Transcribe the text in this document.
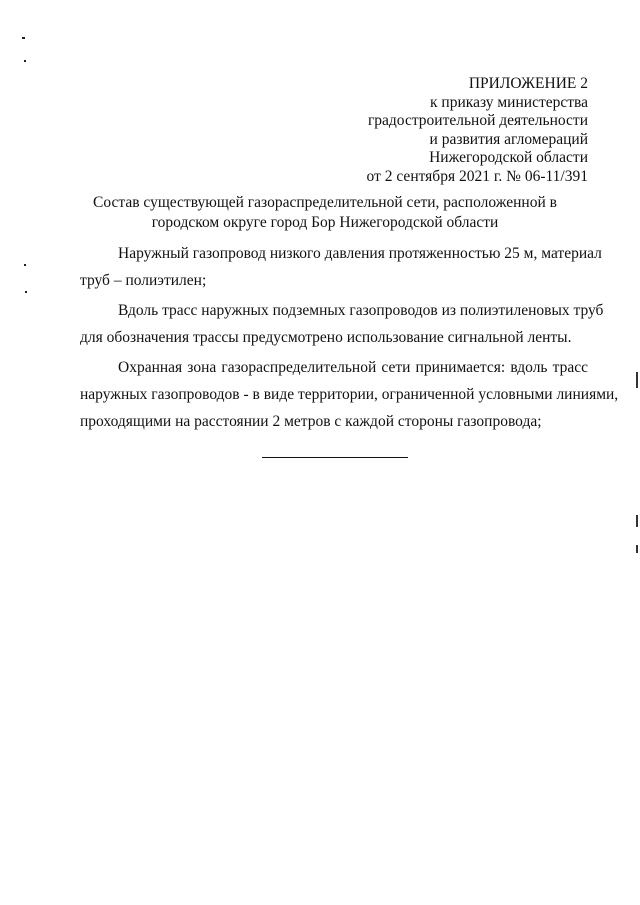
ПРИЛОЖЕНИЕ 2
к приказу министерства
градостроительной деятельности
и развития агломераций
Нижегородской области
от 2 сентября 2021 г. № 06-11/391
Состав существующей газораспределительной сети, расположенной в
городском округе город Бор Нижегородской области
Наружный газопровод низкого давления протяженностью 25 м, материал
труб – полиэтилен;
Вдоль трасс наружных подземных газопроводов из полиэтиленовых труб
для обозначения трассы предусмотрено использование сигнальной ленты.
Охранная зона газораспределительной сети принимается: вдоль трасс
наружных газопроводов - в виде территории, ограниченной условными линиями,
проходящими на расстоянии 2 метров с каждой стороны газопровода;
